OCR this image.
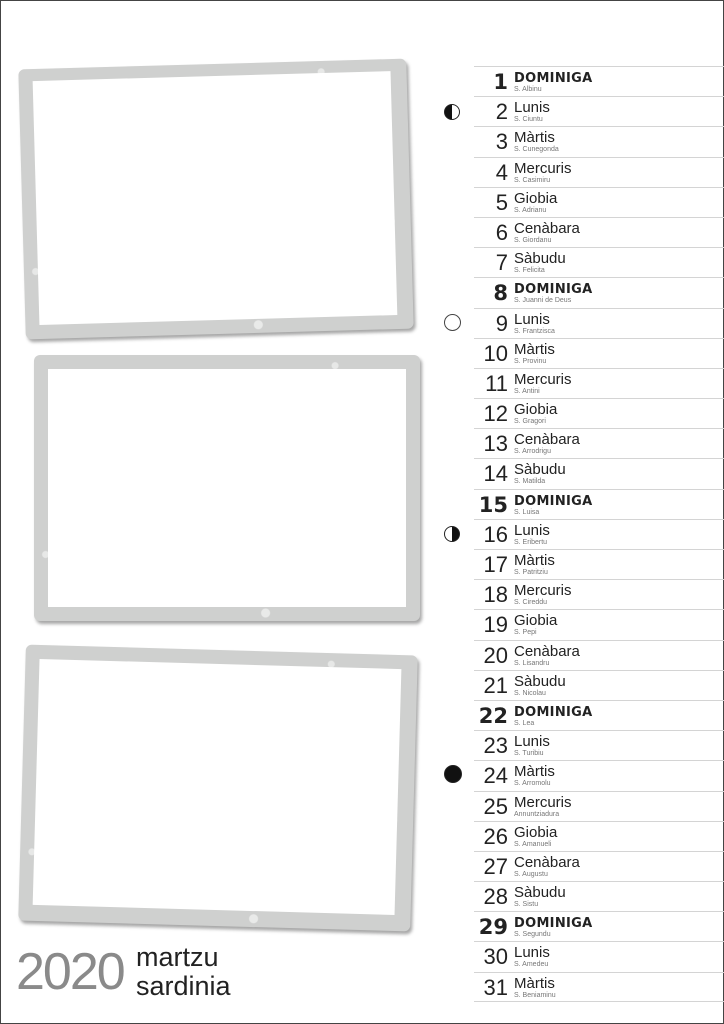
1 DOMINIGA
S. Albinu
2 Lunis
S. Ciuntu
3 Màrtis
S. Cunegonda
4 Mercuris
S. Casimiru
5 Giobia
S. Adrianu
6 Cenàbara
S. Giordanu
7 Sàbudu
S. Felicita
8 DOMINIGA
S. Juanni de Deus
9 Lunis
S. Frantzisca
10 Màrtis
S. Provinu
11 Mercuris
S. Antini
12 Giobia
S. Gragori
13 Cenàbara
S. Arrodrigu
14 Sàbudu
S. Matilda
15 DOMINIGA
S. Luisa
16 Lunis
S. Eribertu
17 Màrtis
S. Patritziu
18 Mercuris
S. Cireddu
19 Giobia
S. Pepi
20 Cenàbara
S. Lisandru
21 Sàbudu
S. Nicolau
22 DOMINIGA
S. Lea
23 Lunis
S. Turibiu
24 Màrtis
S. Arromolu
25 Mercuris
Annuntziadura
26 Giobia
S. Amanueli
27 Cenàbara
S. Augustu
28 Sàbudu
S. Sistu
29 DOMINIGA
S. Segundu
30 Lunis
S. Amedeu
31 Màrtis
S. Beniaminu
2020 martzu
sardinia
